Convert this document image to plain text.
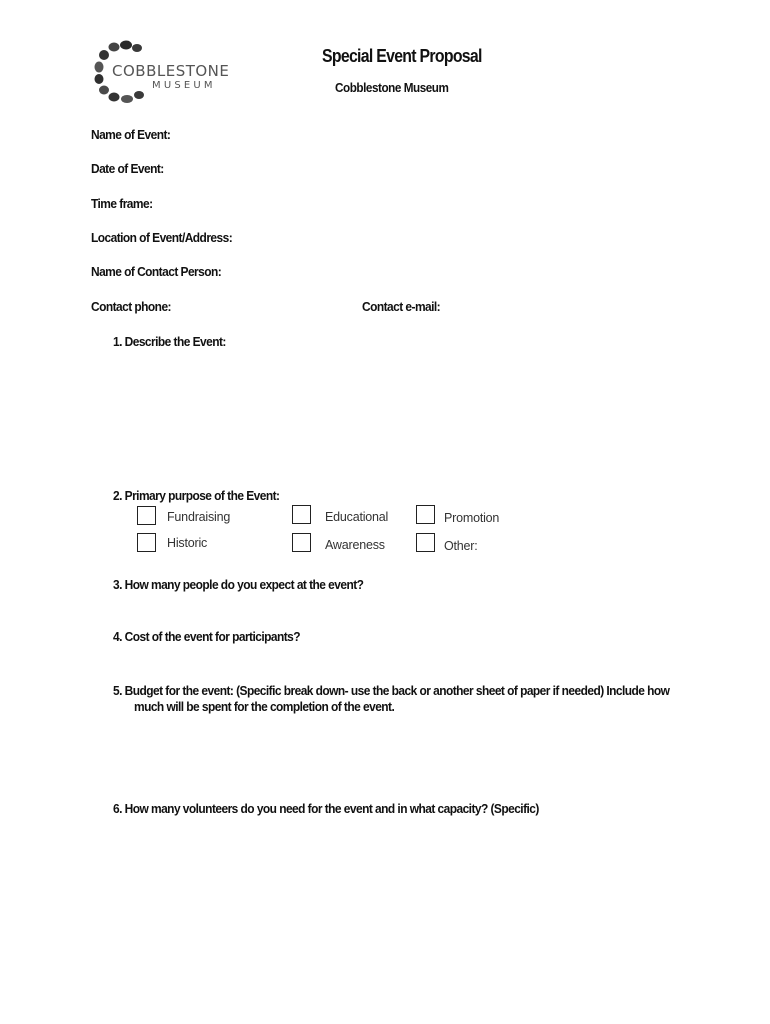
COBBLESTONE
MUSEUM
Special Event Proposal
Cobblestone Museum
Name of Event:
Date of Event:
Time frame:
Location of Event/Address:
Name of Contact Person:
Contact phone:	Contact e-mail:
1. Describe the Event:
2. Primary purpose of the Event:
Fundraising
Historic
Educational
Awareness
Promotion
Other:
3. How many people do you expect at the event?
4. Cost of the event for participants?
5. Budget for the event: (Specific break down- use the back or another sheet of paper if needed) Include how
much will be spent for the completion of the event.
6. How many volunteers do you need for the event and in what capacity? (Specific)
